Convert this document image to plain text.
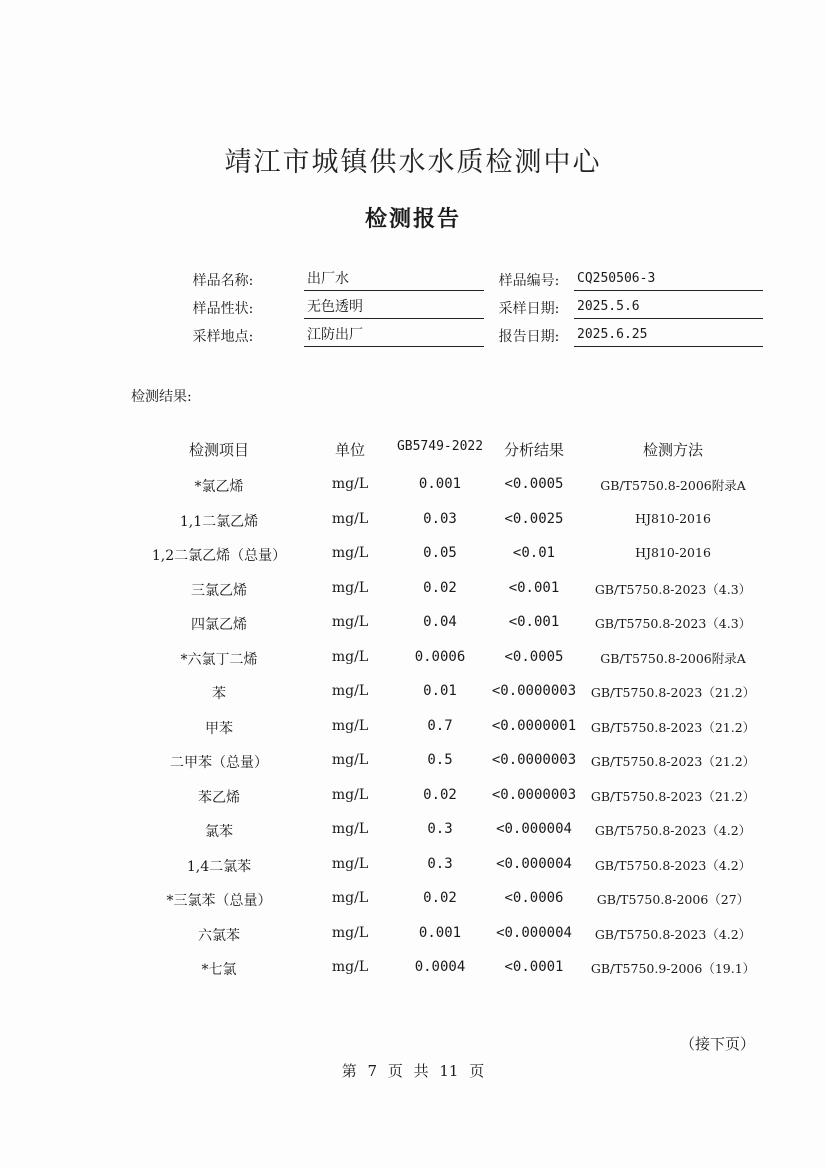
靖江市城镇供水水质检测中心
检测报告
样品名称:	出厂水	样品编号:	CQ250506-3
样品性状:	无色透明	采样日期:	2025.5.6
采样地点:	江防出厂	报告日期:	2025.6.25
检测结果:
检测项目	单位	GB5749-2022	分析结果	检测方法
*氯乙烯	mg/L	0.001	<0.0005	GB/T5750.8-2006附录A
1,1二氯乙烯	mg/L	0.03	<0.0025	HJ810-2016
1,2二氯乙烯（总量）	mg/L	0.05	<0.01	HJ810-2016
三氯乙烯	mg/L	0.02	<0.001	GB/T5750.8-2023（4.3）
四氯乙烯	mg/L	0.04	<0.001	GB/T5750.8-2023（4.3）
*六氯丁二烯	mg/L	0.0006	<0.0005	GB/T5750.8-2006附录A
苯	mg/L	0.01	<0.0000003	GB/T5750.8-2023（21.2）
甲苯	mg/L	0.7	<0.0000001	GB/T5750.8-2023（21.2）
二甲苯（总量）	mg/L	0.5	<0.0000003	GB/T5750.8-2023（21.2）
苯乙烯	mg/L	0.02	<0.0000003	GB/T5750.8-2023（21.2）
氯苯	mg/L	0.3	<0.000004	GB/T5750.8-2023（4.2）
1,4二氯苯	mg/L	0.3	<0.000004	GB/T5750.8-2023（4.2）
*三氯苯（总量）	mg/L	0.02	<0.0006	GB/T5750.8-2006（27）
六氯苯	mg/L	0.001	<0.000004	GB/T5750.8-2023（4.2）
*七氯	mg/L	0.0004	<0.0001	GB/T5750.9-2006（19.1）
（接下页）
第 7 页 共 11 页
